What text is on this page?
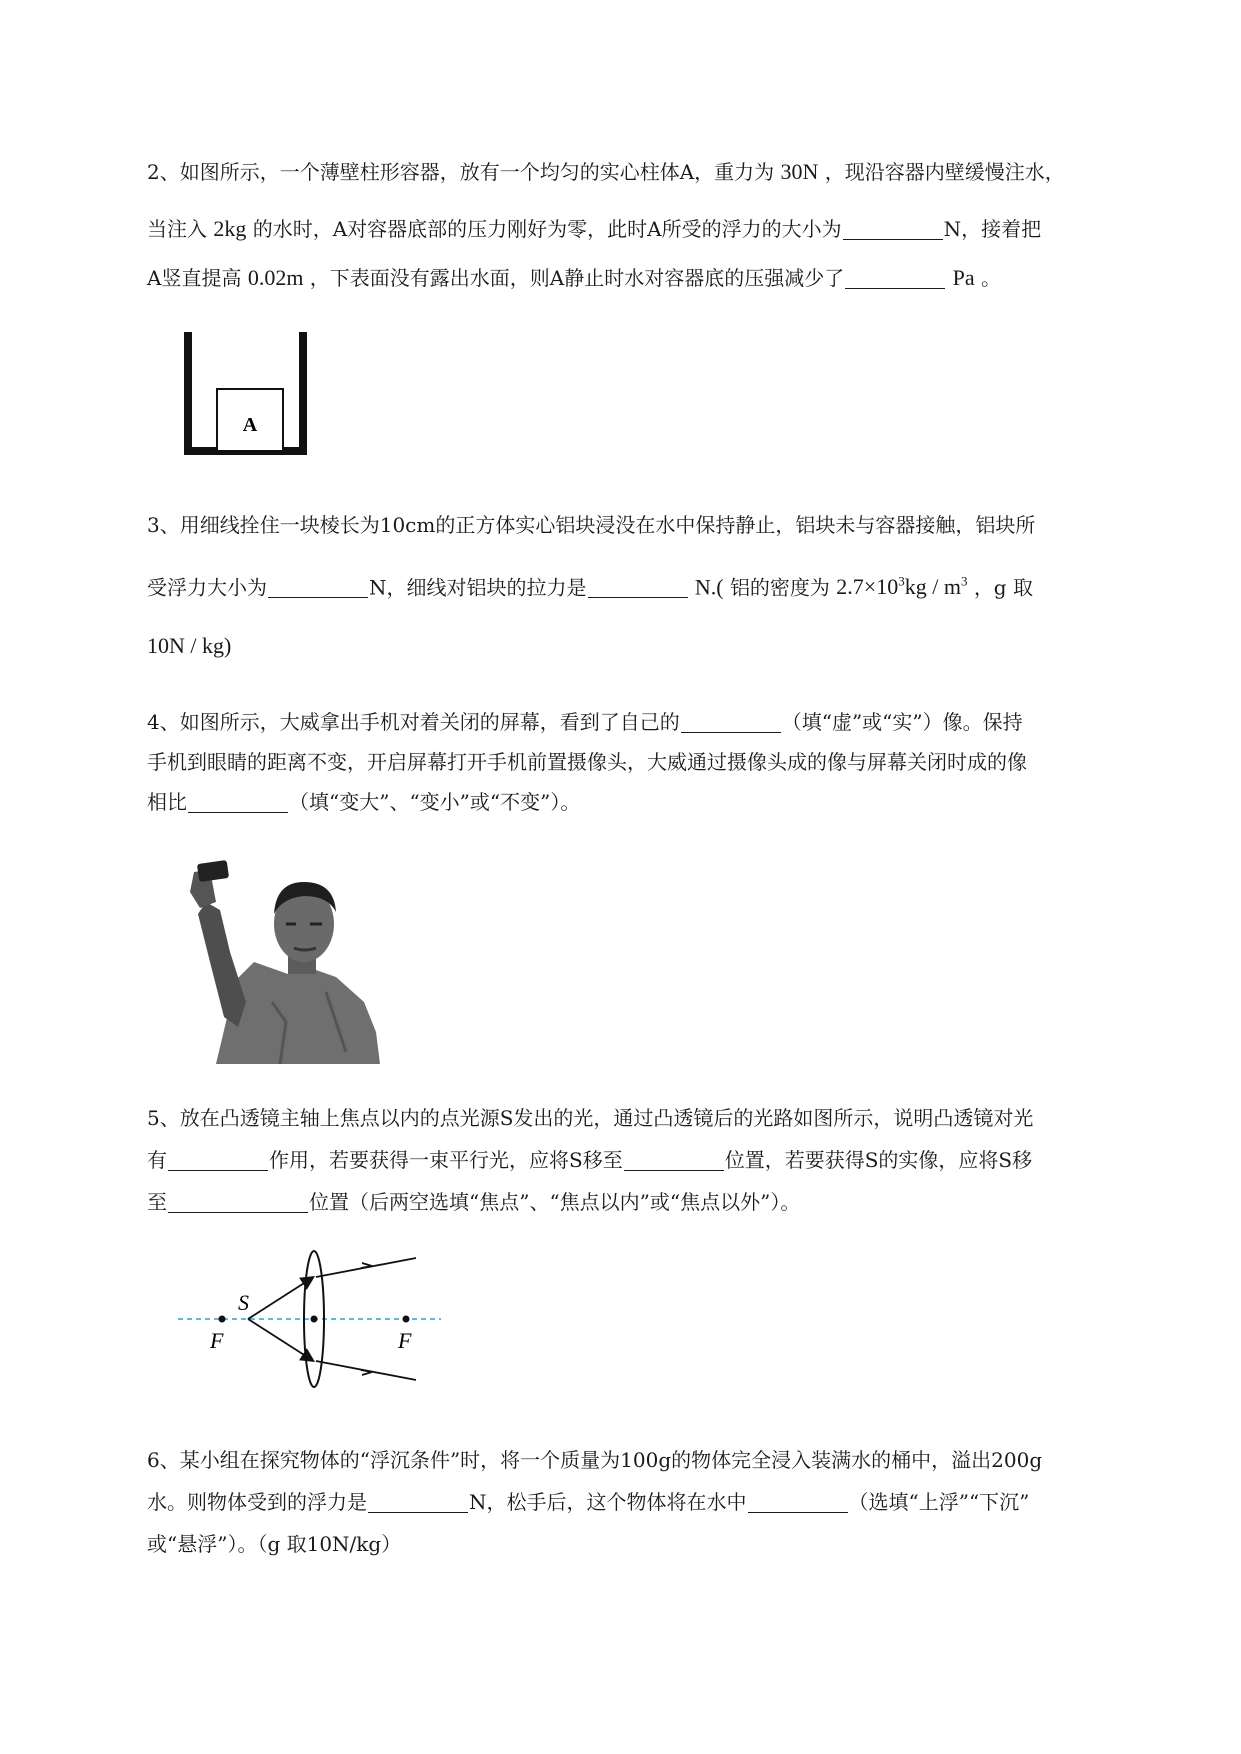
2、如图所示，一个薄壁柱形容器，放有一个均匀的实心柱体A，重力为 30N ，现沿容器内壁缓慢注水，
当注入 2kg 的水时，A对容器底部的压力刚好为零，此时A所受的浮力的大小为	N，接着把
A竖直提高 0.02m ，下表面没有露出水面，则A静止时水对容器底的压强减少了	Pa 。
A
3、用细线拴住一块棱长为10cm的正方体实心铝块浸没在水中保持静止，铝块未与容器接触，铝块所
受浮力大小为	N，细线对铝块的拉力是	N.( 铝的密度为 $2.7\times 10^3kg / m^3$ ，g 取
10N / kg)
4、如图所示，大威拿出手机对着关闭的屏幕，看到了自己的	（填“虚”或“实”）像。保持
手机到眼睛的距离不变，开启屏幕打开手机前置摄像头，大威通过摄像头成的像与屏幕关闭时成的像
相比	（填“变大”、“变小”或“不变”）。
5、放在凸透镜主轴上焦点以内的点光源S发出的光，通过凸透镜后的光路如图所示，说明凸透镜对光
有	作用，若要获得一束平行光，应将S移至	位置，若要获得S的实像，应将S移
至	位置（后两空选填“焦点”、“焦点以内”或“焦点以外”）。
S
F	F
6、某小组在探究物体的“浮沉条件”时，将一个质量为100g的物体完全浸入装满水的桶中，溢出200g
水。则物体受到的浮力是	N，松手后，这个物体将在水中	（选填“上浮”“下沉”
或“悬浮”）。（g 取10N/kg）
